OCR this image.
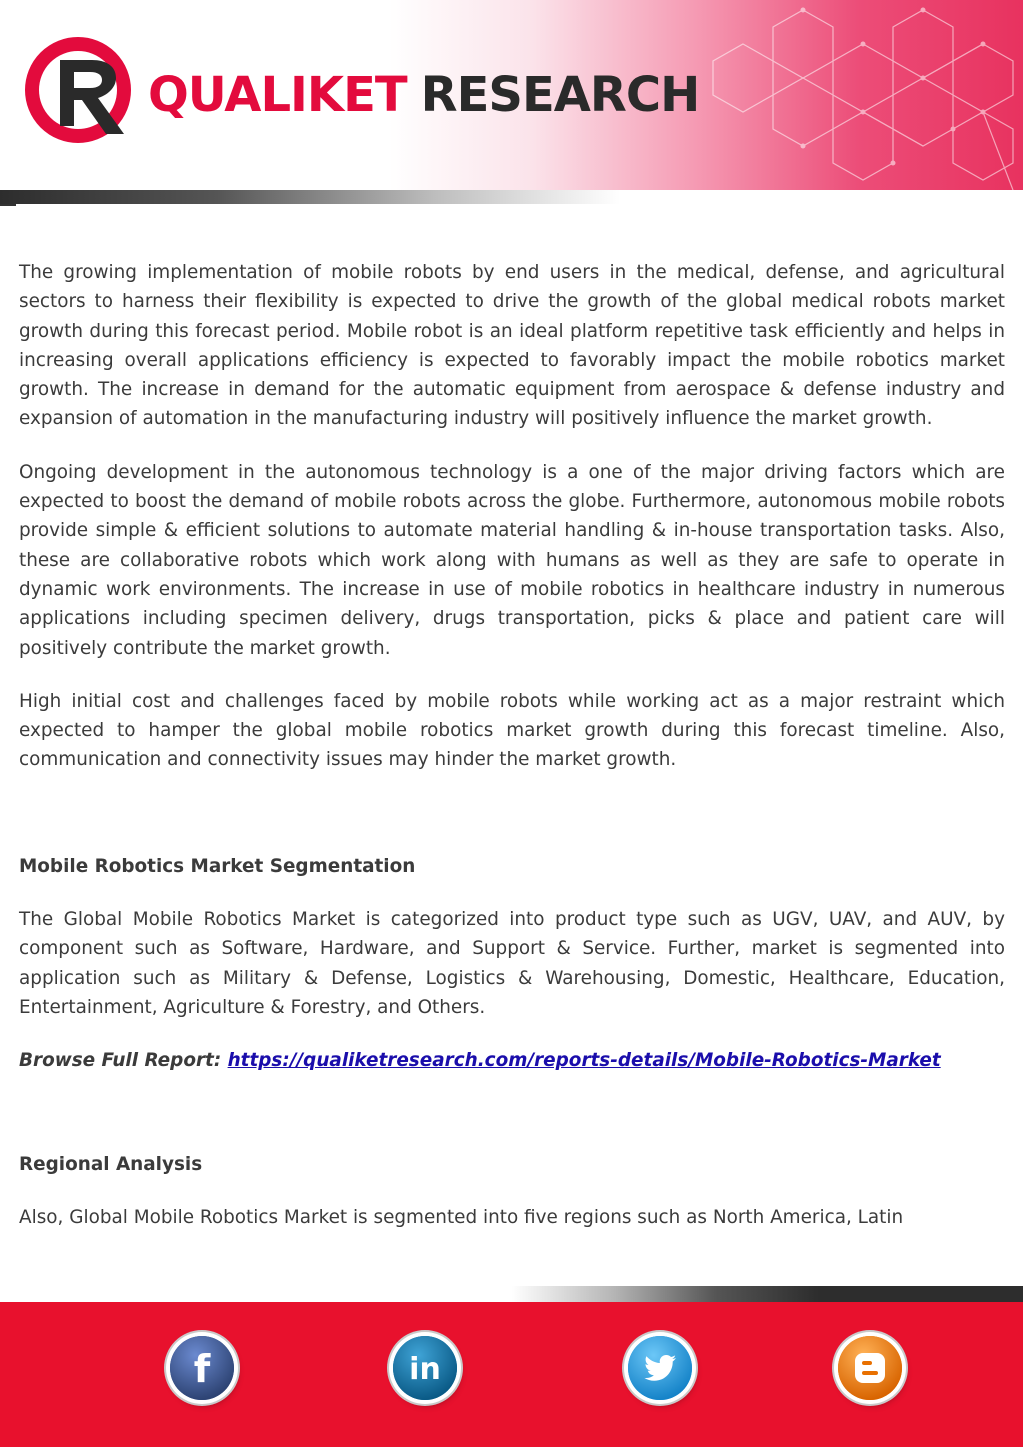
QUALIKET RESEARCH

The growing implementation of mobile robots by end users in the medical, defense, and agricultural sectors to harness their flexibility is expected to drive the growth of the global medical robots market growth during this forecast period. Mobile robot is an ideal platform repetitive task efficiently and helps in increasing overall applications efficiency is expected to favorably impact the mobile robotics market growth. The increase in demand for the automatic equipment from aerospace & defense industry and expansion of automation in the manufacturing industry will positively influence the market growth.

Ongoing development in the autonomous technology is a one of the major driving factors which are expected to boost the demand of mobile robots across the globe. Furthermore, autonomous mobile robots provide simple & efficient solutions to automate material handling & in-house transportation tasks. Also, these are collaborative robots which work along with humans as well as they are safe to operate in dynamic work environments. The increase in use of mobile robotics in healthcare industry in numerous applications including specimen delivery, drugs transportation, picks & place and patient care will positively contribute the market growth.

High initial cost and challenges faced by mobile robots while working act as a major restraint which expected to hamper the global mobile robotics market growth during this forecast timeline. Also, communication and connectivity issues may hinder the market growth.

Mobile Robotics Market Segmentation

The Global Mobile Robotics Market is categorized into product type such as UGV, UAV, and AUV, by component such as Software, Hardware, and Support & Service. Further, market is segmented into application such as Military & Defense, Logistics & Warehousing, Domestic, Healthcare, Education, Entertainment, Agriculture & Forestry, and Others.

Browse Full Report: https://qualiketresearch.com/reports-details/Mobile-Robotics-Market

Regional Analysis

Also, Global Mobile Robotics Market is segmented into five regions such as North America, Latin

f	in
